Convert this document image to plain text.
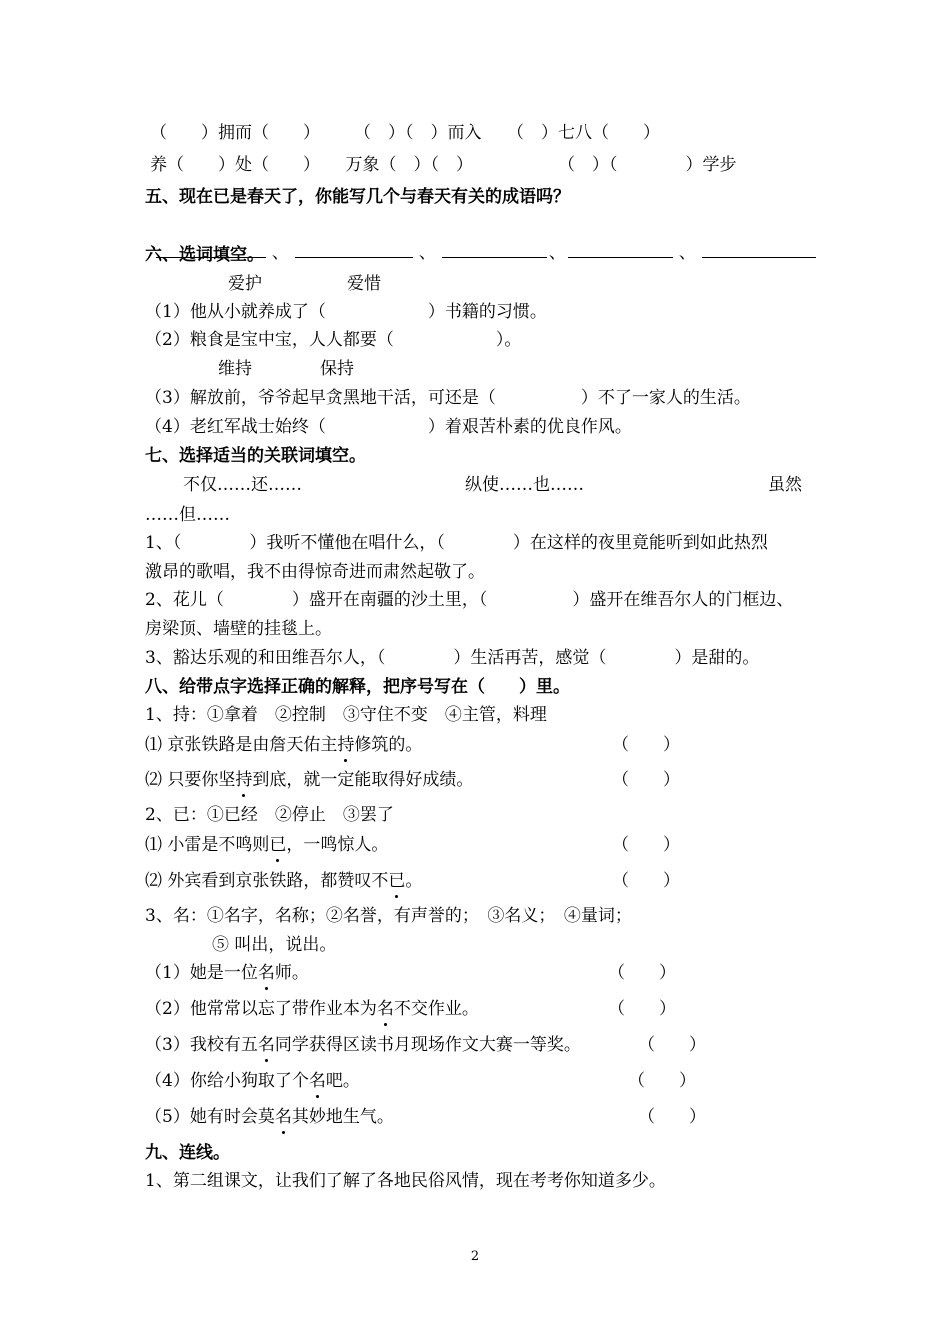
（　　）拥而（　　）　　　（　）（　）而入　　（　）七八（　　）
养（　　）处（　　）　　万象（　）（　）　　　　　　（　）（　　　　）学步
五、现在已是春天了，你能写几个与春天有关的成语吗？

、	、	、	、

六、选词填空。
爱护　　　　　爱惜
（1）他从小就养成了（　　　　　　）书籍的习惯。
（2）粮食是宝中宝，人人都要（　　　　　　）。
维持　　　　保持
（3）解放前，爷爷起早贪黑地干活，可还是（　　　　　）不了一家人的生活。
（4）老红军战士始终（　　　　　　）着艰苦朴素的优良作风。
七、选择适当的关联词填空。
不仅……还……	纵使……也……	虽然
……但……
1、（　　　　）我听不懂他在唱什么，（　　　　）在这样的夜里竟能听到如此热烈
激昂的歌唱，我不由得惊奇进而肃然起敬了。
2、花儿（　　　　）盛开在南疆的沙土里，（　　　　　）盛开在维吾尔人的门框边、
房梁顶、墙壁的挂毯上。
3、豁达乐观的和田维吾尔人，（　　　　）生活再苦，感觉（　　　　）是甜的。
八、给带点字选择正确的解释，把序号写在（　　）里。
1、持：①拿着　②控制　③守住不变　④主管，料理
⑴ 京张铁路是由詹天佑主持修筑的。	（　　）
⑵ 只要你坚持到底，就一定能取得好成绩。	（　　）
2、已：①已经　②停止　③罢了
⑴ 小雷是不鸣则已，一鸣惊人。	（　　）
⑵ 外宾看到京张铁路，都赞叹不已。	（　　）
3、名：①名字，名称；②名誉，有声誉的；　③名义；　④量词；
⑤ 叫出，说出。
（1）她是一位名师。	（　　）
（2）他常常以忘了带作业本为名不交作业。	（　　）
（3）我校有五名同学获得区读书月现场作文大赛一等奖。	（　　）
（4）你给小狗取了个名吧。	（　　）
（5）她有时会莫名其妙地生气。	（　　）
九、连线。
1、第二组课文，让我们了解了各地民俗风情，现在考考你知道多少。
2
